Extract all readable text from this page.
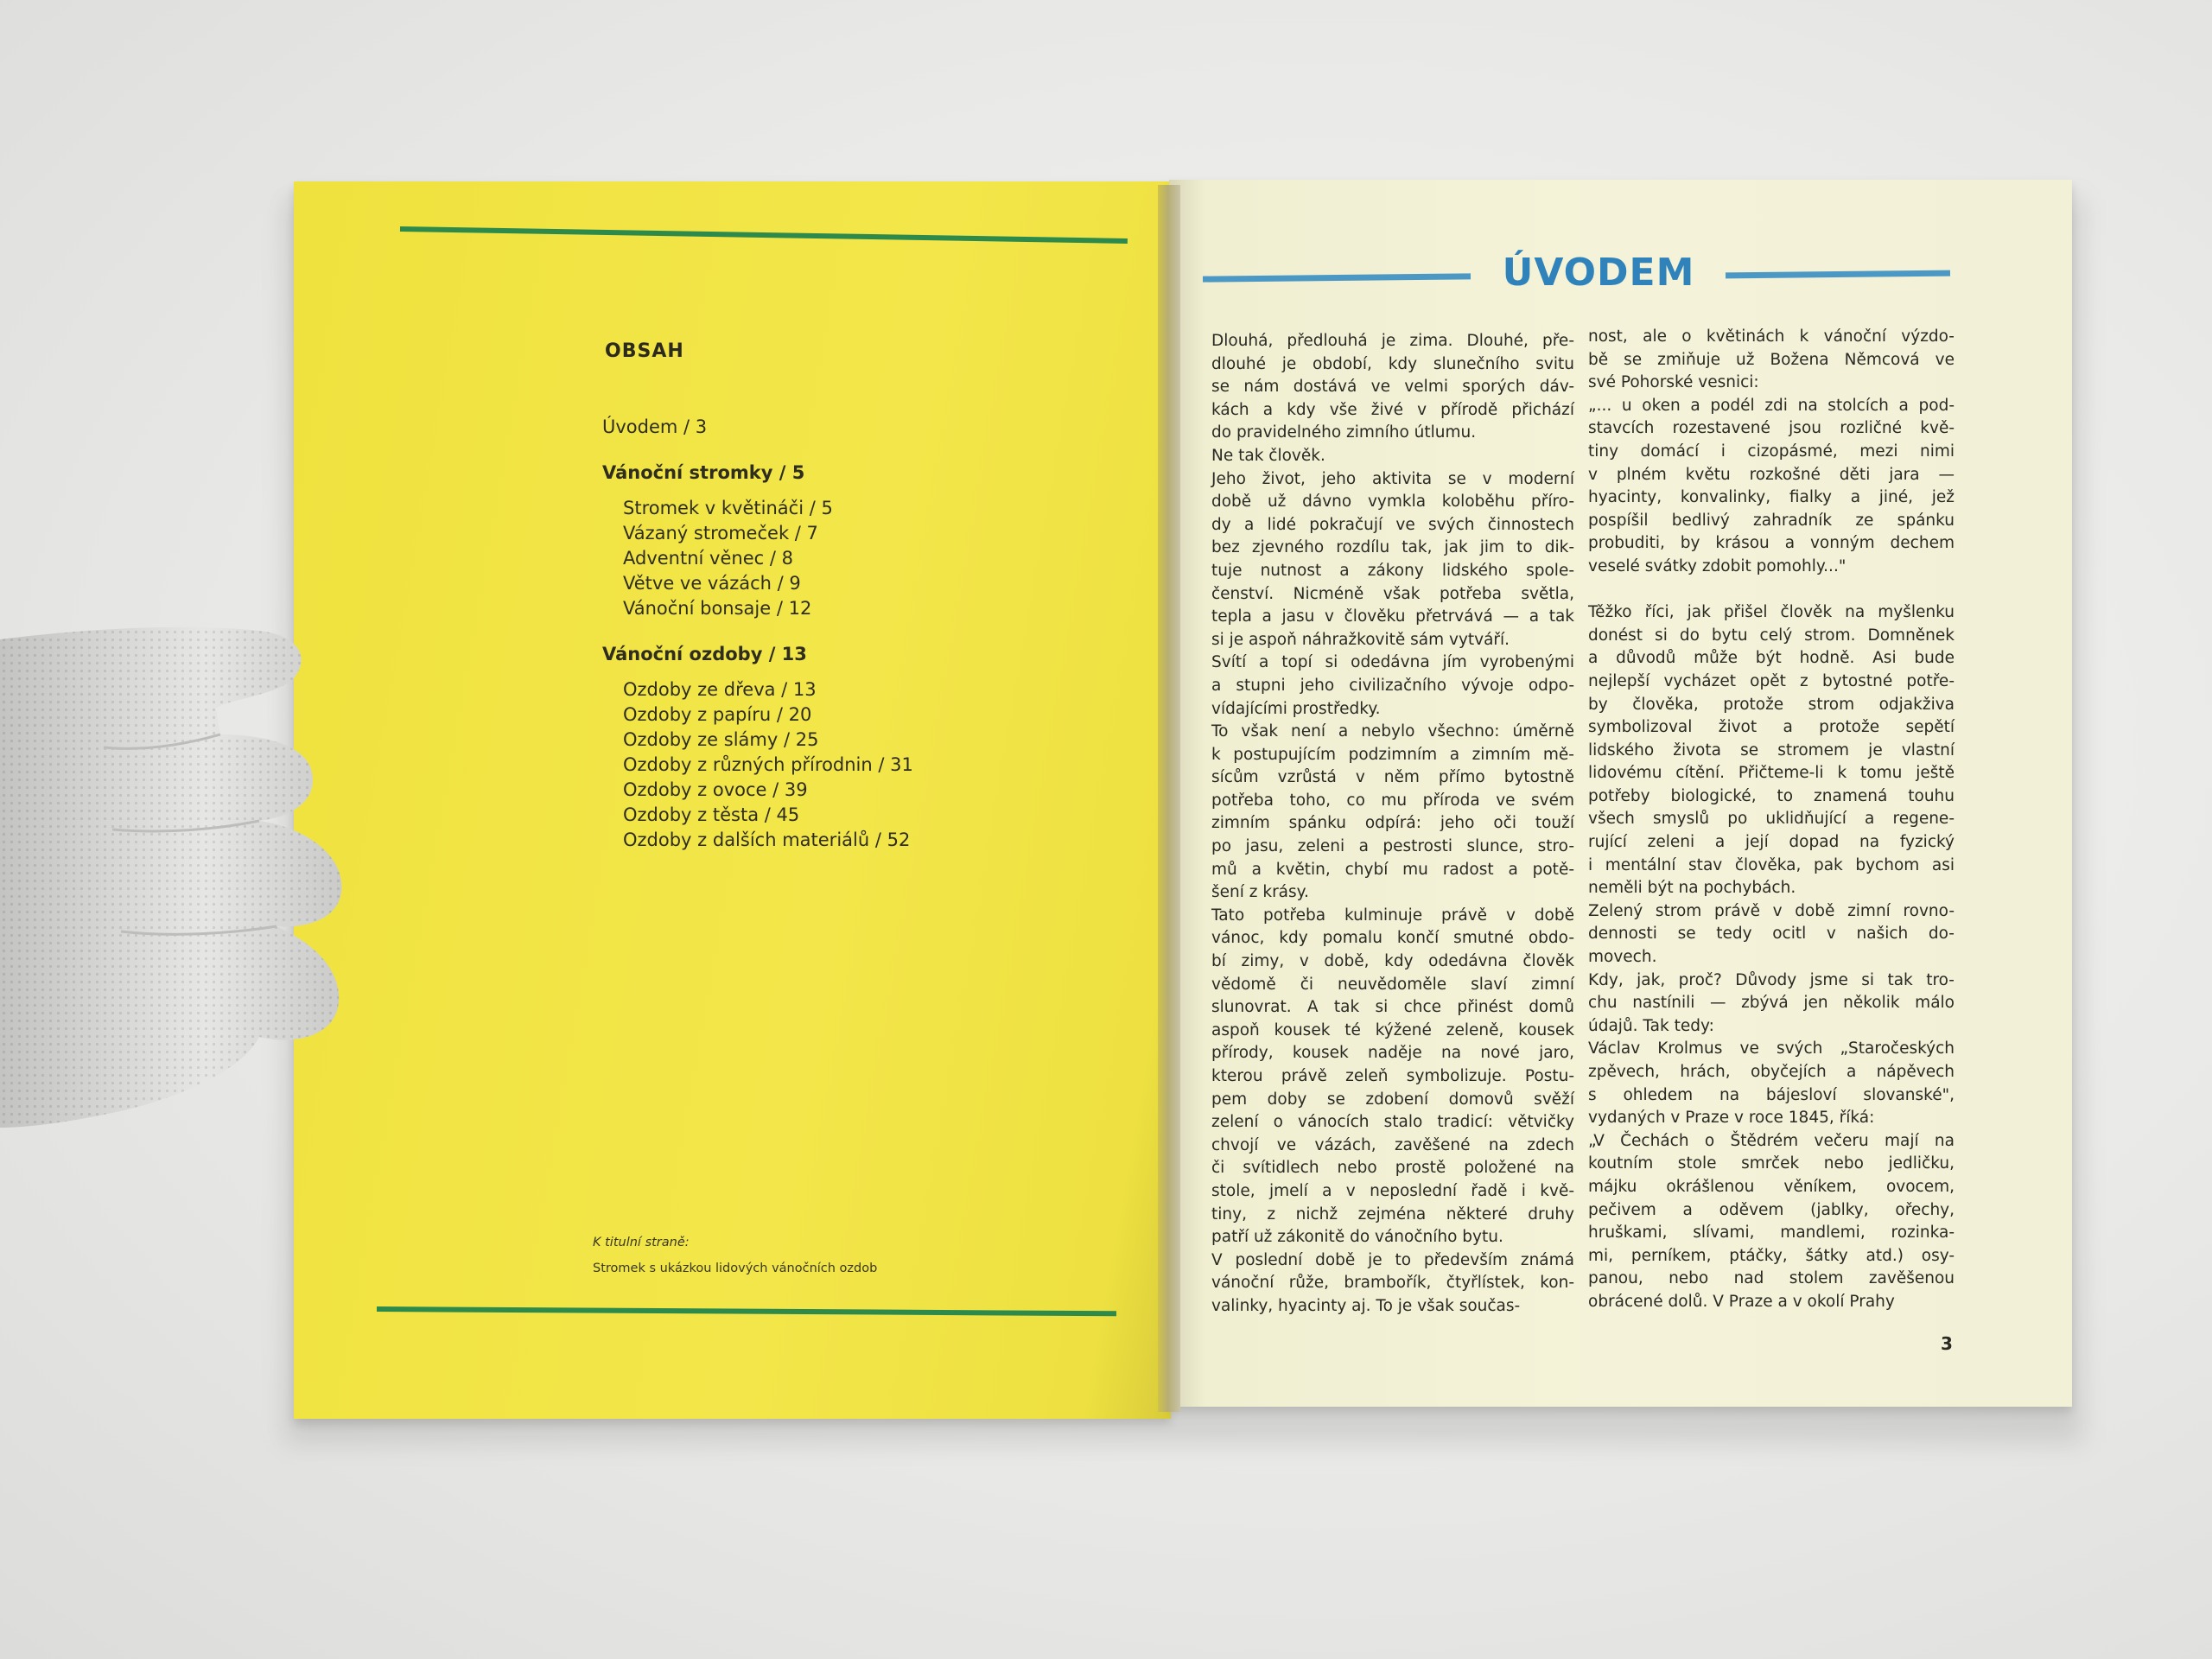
OBSAH
Úvodem / 3
Vánoční stromky / 5
Stromek v květináči / 5
Vázaný stromeček / 7
Adventní věnec / 8
Větve ve vázách / 9
Vánoční bonsaje / 12
Vánoční ozdoby / 13
Ozdoby ze dřeva / 13
Ozdoby z papíru / 20
Ozdoby ze slámy / 25
Ozdoby z různých přírodnin / 31
Ozdoby z ovoce / 39
Ozdoby z těsta / 45
Ozdoby z dalších materiálů / 52
K titulní straně:
Stromek s ukázkou lidových vánočních ozdob
ÚVODEM
Dlouhá, předlouhá je zima. Dlouhé, pře-
dlouhé je období, kdy slunečního svitu
se nám dostává ve velmi sporých dáv-
kách a kdy vše živé v přírodě přichází
do pravidelného zimního útlumu.
Ne tak člověk.
Jeho život, jeho aktivita se v moderní
době už dávno vymkla koloběhu příro-
dy a lidé pokračují ve svých činnostech
bez zjevného rozdílu tak, jak jim to dik-
tuje nutnost a zákony lidského spole-
čenství. Nicméně však potřeba světla,
tepla a jasu v člověku přetrvává — a tak
si je aspoň náhražkovitě sám vytváří.
Svítí a topí si odedávna jím vyrobenými
a stupni jeho civilizačního vývoje odpo-
vídajícími prostředky.
To však není a nebylo všechno: úměrně
k postupujícím podzimním a zimním mě-
sícům vzrůstá v něm přímo bytostně
potřeba toho, co mu příroda ve svém
zimním spánku odpírá: jeho oči touží
po jasu, zeleni a pestrosti slunce, stro-
mů a květin, chybí mu radost a potě-
šení z krásy.
Tato potřeba kulminuje právě v době
vánoc, kdy pomalu končí smutné obdo-
bí zimy, v době, kdy odedávna člověk
vědomě či neuvědoměle slaví zimní
slunovrat. A tak si chce přinést domů
aspoň kousek té kýžené zeleně, kousek
přírody, kousek naděje na nové jaro,
kterou právě zeleň symbolizuje. Postu-
pem doby se zdobení domovů svěží
zelení o vánocích stalo tradicí: větvičky
chvojí ve vázách, zavěšené na zdech
či svítidlech nebo prostě položené na
stole, jmelí a v neposlední řadě i kvě-
tiny, z nichž zejména některé druhy
patří už zákonitě do vánočního bytu.
V poslední době je to především známá
vánoční růže, brambořík, čtyřlístek, kon-
valinky, hyacinty aj. To je však součas-
nost, ale o květinách k vánoční výzdo-
bě se zmiňuje už Božena Němcová ve
své Pohorské vesnici:
„... u oken a podél zdi na stolcích a pod-
stavcích rozestavené jsou rozličné kvě-
tiny domácí i cizopásmé, mezi nimi
v plném květu rozkošné děti jara —
hyacinty, konvalinky, fialky a jiné, jež
pospíšil bedlivý zahradník ze spánku
probuditi, by krásou a vonným dechem
veselé svátky zdobit pomohly..."
Těžko říci, jak přišel člověk na myšlenku
donést si do bytu celý strom. Domněnek
a důvodů může být hodně. Asi bude
nejlepší vycházet opět z bytostné potře-
by člověka, protože strom odjakživa
symbolizoval život a protože sepětí
lidského života se stromem je vlastní
lidovému cítění. Přičteme-li k tomu ještě
potřeby biologické, to znamená touhu
všech smyslů po uklidňující a regene-
rující zeleni a její dopad na fyzický
i mentální stav člověka, pak bychom asi
neměli být na pochybách.
Zelený strom právě v době zimní rovno-
dennosti se tedy ocitl v našich do-
movech.
Kdy, jak, proč? Důvody jsme si tak tro-
chu nastínili — zbývá jen několik málo
údajů. Tak tedy:
Václav Krolmus ve svých „Staročeských
zpěvech, hrách, obyčejích a nápěvech
s ohledem na bájesloví slovanské",
vydaných v Praze v roce 1845, říká:
„V Čechách o Štědrém večeru mají na
koutním stole smrček nebo jedličku,
májku okrášlenou věníkem, ovocem,
pečivem a oděvem (jablky, ořechy,
hruškami, slívami, mandlemi, rozinka-
mi, perníkem, ptáčky, šátky atd.) osy-
panou, nebo nad stolem zavěšenou
obrácené dolů. V Praze a v okolí Prahy
3
